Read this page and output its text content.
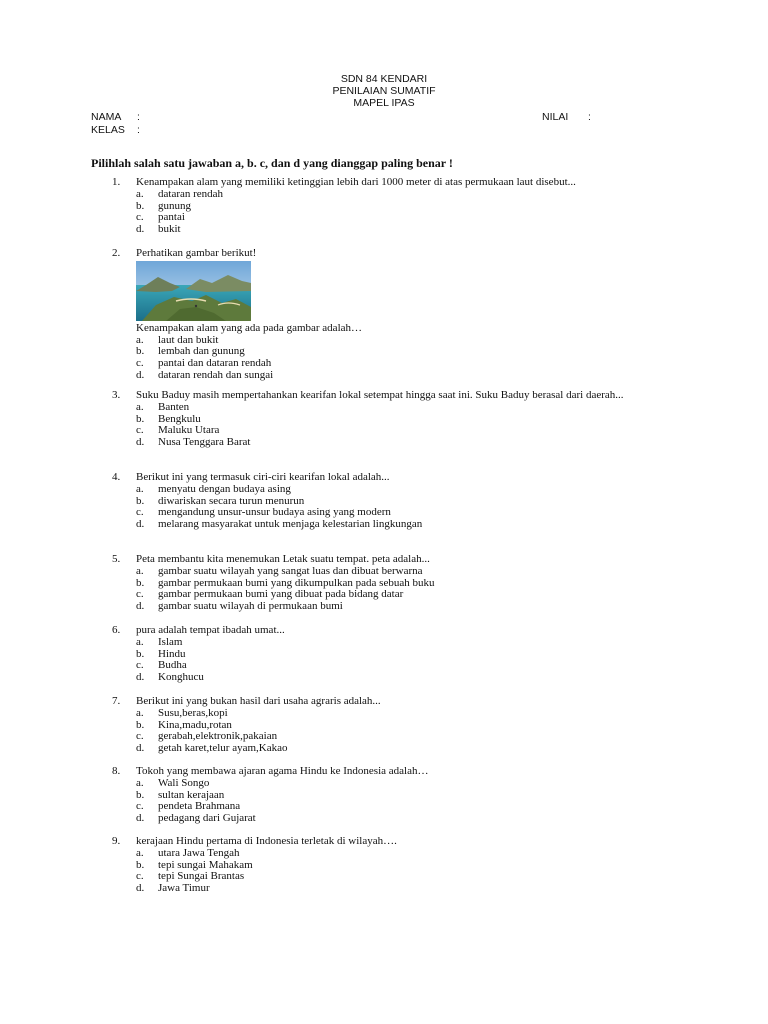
SDN 84 KENDARI
PENILAIAN SUMATIF
MAPEL IPAS
NAMA :
KELAS :
NILAI :
Pilihlah salah satu jawaban a, b. c, dan d yang dianggap paling benar !
1.	Kenampakan alam yang memiliki ketinggian lebih dari 1000 meter di atas permukaan laut disebut...
a.	dataran rendah
b.	gunung
c.	pantai
d.	bukit
2.	Perhatikan gambar berikut!
Kenampakan alam yang ada pada gambar adalah…
a.	laut dan bukit
b.	lembah dan gunung
c.	pantai dan dataran rendah
d.	dataran rendah dan sungai
3.	Suku Baduy masih mempertahankan kearifan lokal setempat hingga saat ini. Suku Baduy berasal dari daerah...
a.	Banten
b.	Bengkulu
c.	Maluku Utara
d.	Nusa Tenggara Barat
4.	Berikut ini yang termasuk ciri-ciri kearifan lokal adalah...
a.	menyatu dengan budaya asing
b.	diwariskan secara turun menurun
c.	mengandung unsur-unsur budaya asing yang modern
d.	melarang masyarakat untuk menjaga kelestarian lingkungan
5.	Peta membantu kita menemukan Letak suatu tempat. peta adalah...
a.	gambar suatu wilayah yang sangat luas dan dibuat berwarna
b.	gambar permukaan bumi yang dikumpulkan pada sebuah buku
c.	gambar permukaan bumi yang dibuat pada bidang datar
d.	gambar suatu wilayah di permukaan bumi
6.	pura adalah tempat ibadah umat...
a.	Islam
b.	Hindu
c.	Budha
d.	Konghucu
7.	Berikut ini yang bukan hasil dari usaha agraris adalah...
a.	Susu,beras,kopi
b.	Kina,madu,rotan
c.	gerabah,elektronik,pakaian
d.	getah karet,telur ayam,Kakao
8.	Tokoh yang membawa ajaran agama Hindu ke Indonesia adalah…
a.	Wali Songo
b.	sultan kerajaan
c.	pendeta Brahmana
d.	pedagang dari Gujarat
9.	kerajaan Hindu pertama di Indonesia terletak di wilayah….
a.	utara Jawa Tengah
b.	tepi sungai Mahakam
c.	tepi Sungai Brantas
d.	Jawa Timur
